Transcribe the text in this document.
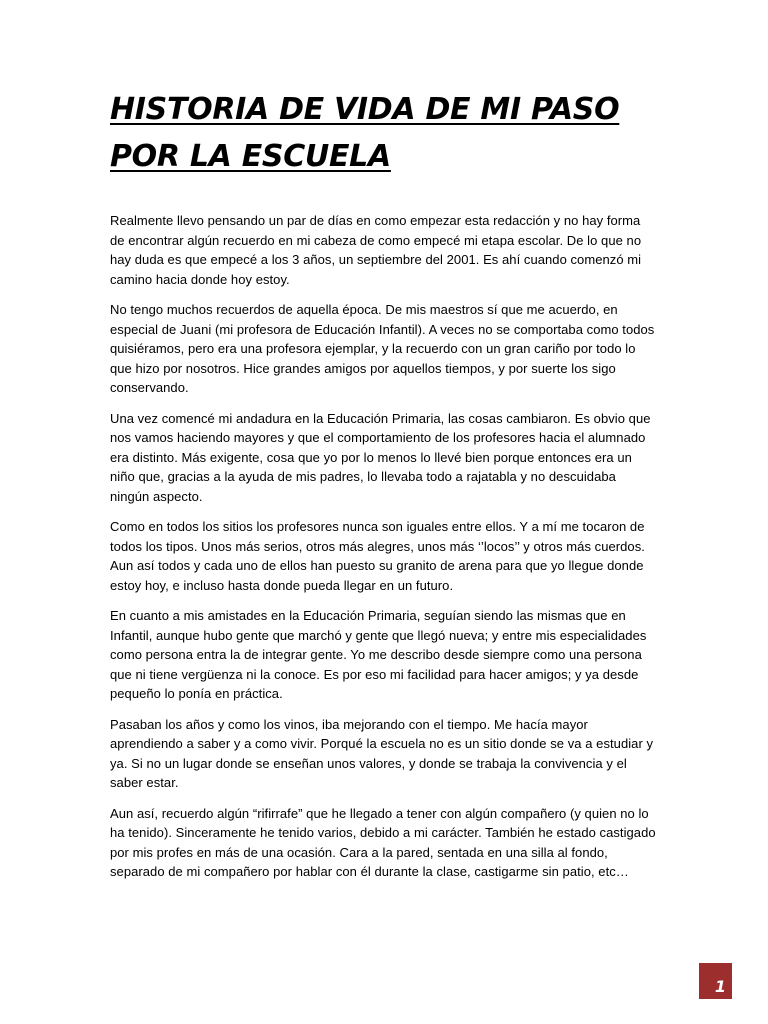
HISTORIA DE VIDA DE MI PASO POR LA ESCUELA

Realmente llevo pensando un par de días en como empezar esta redacción y no hay forma de encontrar algún recuerdo en mi cabeza de como empecé mi etapa escolar. De lo que no hay duda es que empecé a los 3 años, un septiembre del 2001. Es ahí cuando comenzó mi camino hacia donde hoy estoy.

No tengo muchos recuerdos de aquella época. De mis maestros sí que me acuerdo, en especial de Juani (mi profesora de Educación Infantil). A veces no se comportaba como todos quisiéramos, pero era una profesora ejemplar, y la recuerdo con un gran cariño por todo lo que hizo por nosotros. Hice grandes amigos por aquellos tiempos, y por suerte los sigo conservando.

Una vez comencé mi andadura en la Educación Primaria, las cosas cambiaron. Es obvio que nos vamos haciendo mayores y que el comportamiento de los profesores hacia el alumnado era distinto. Más exigente, cosa que yo por lo menos lo llevé bien porque entonces era un niño que, gracias a la ayuda de mis padres, lo llevaba todo a rajatabla y no descuidaba ningún aspecto.

Como en todos los sitios los profesores nunca son iguales entre ellos. Y a mí me tocaron de todos los tipos. Unos más serios, otros más alegres, unos más ‘’locos’’ y otros más cuerdos. Aun así todos y cada uno de ellos han puesto su granito de arena para que yo llegue donde estoy hoy, e incluso hasta donde pueda llegar en un futuro.

En cuanto a mis amistades en la Educación Primaria, seguían siendo las mismas que en Infantil, aunque hubo gente que marchó y gente que llegó nueva; y entre mis especialidades como persona entra la de integrar gente. Yo me describo desde siempre como una persona que ni tiene vergüenza ni la conoce. Es por eso mi facilidad para hacer amigos; y ya desde pequeño lo ponía en práctica.

Pasaban los años y como los vinos, iba mejorando con el tiempo. Me hacía mayor aprendiendo a saber y a como vivir. Porqué la escuela no es un sitio donde se va a estudiar y ya. Si no un lugar donde se enseñan unos valores, y donde se trabaja la convivencia y el saber estar.

Aun así, recuerdo algún “rifirrafe” que he llegado a tener con algún compañero (y quien no lo ha tenido). Sinceramente he tenido varios, debido a mi carácter. También he estado castigado por mis profes en más de una ocasión. Cara a la pared, sentada en una silla al fondo, separado de mi compañero por hablar con él durante la clase, castigarme sin patio, etc…

1
